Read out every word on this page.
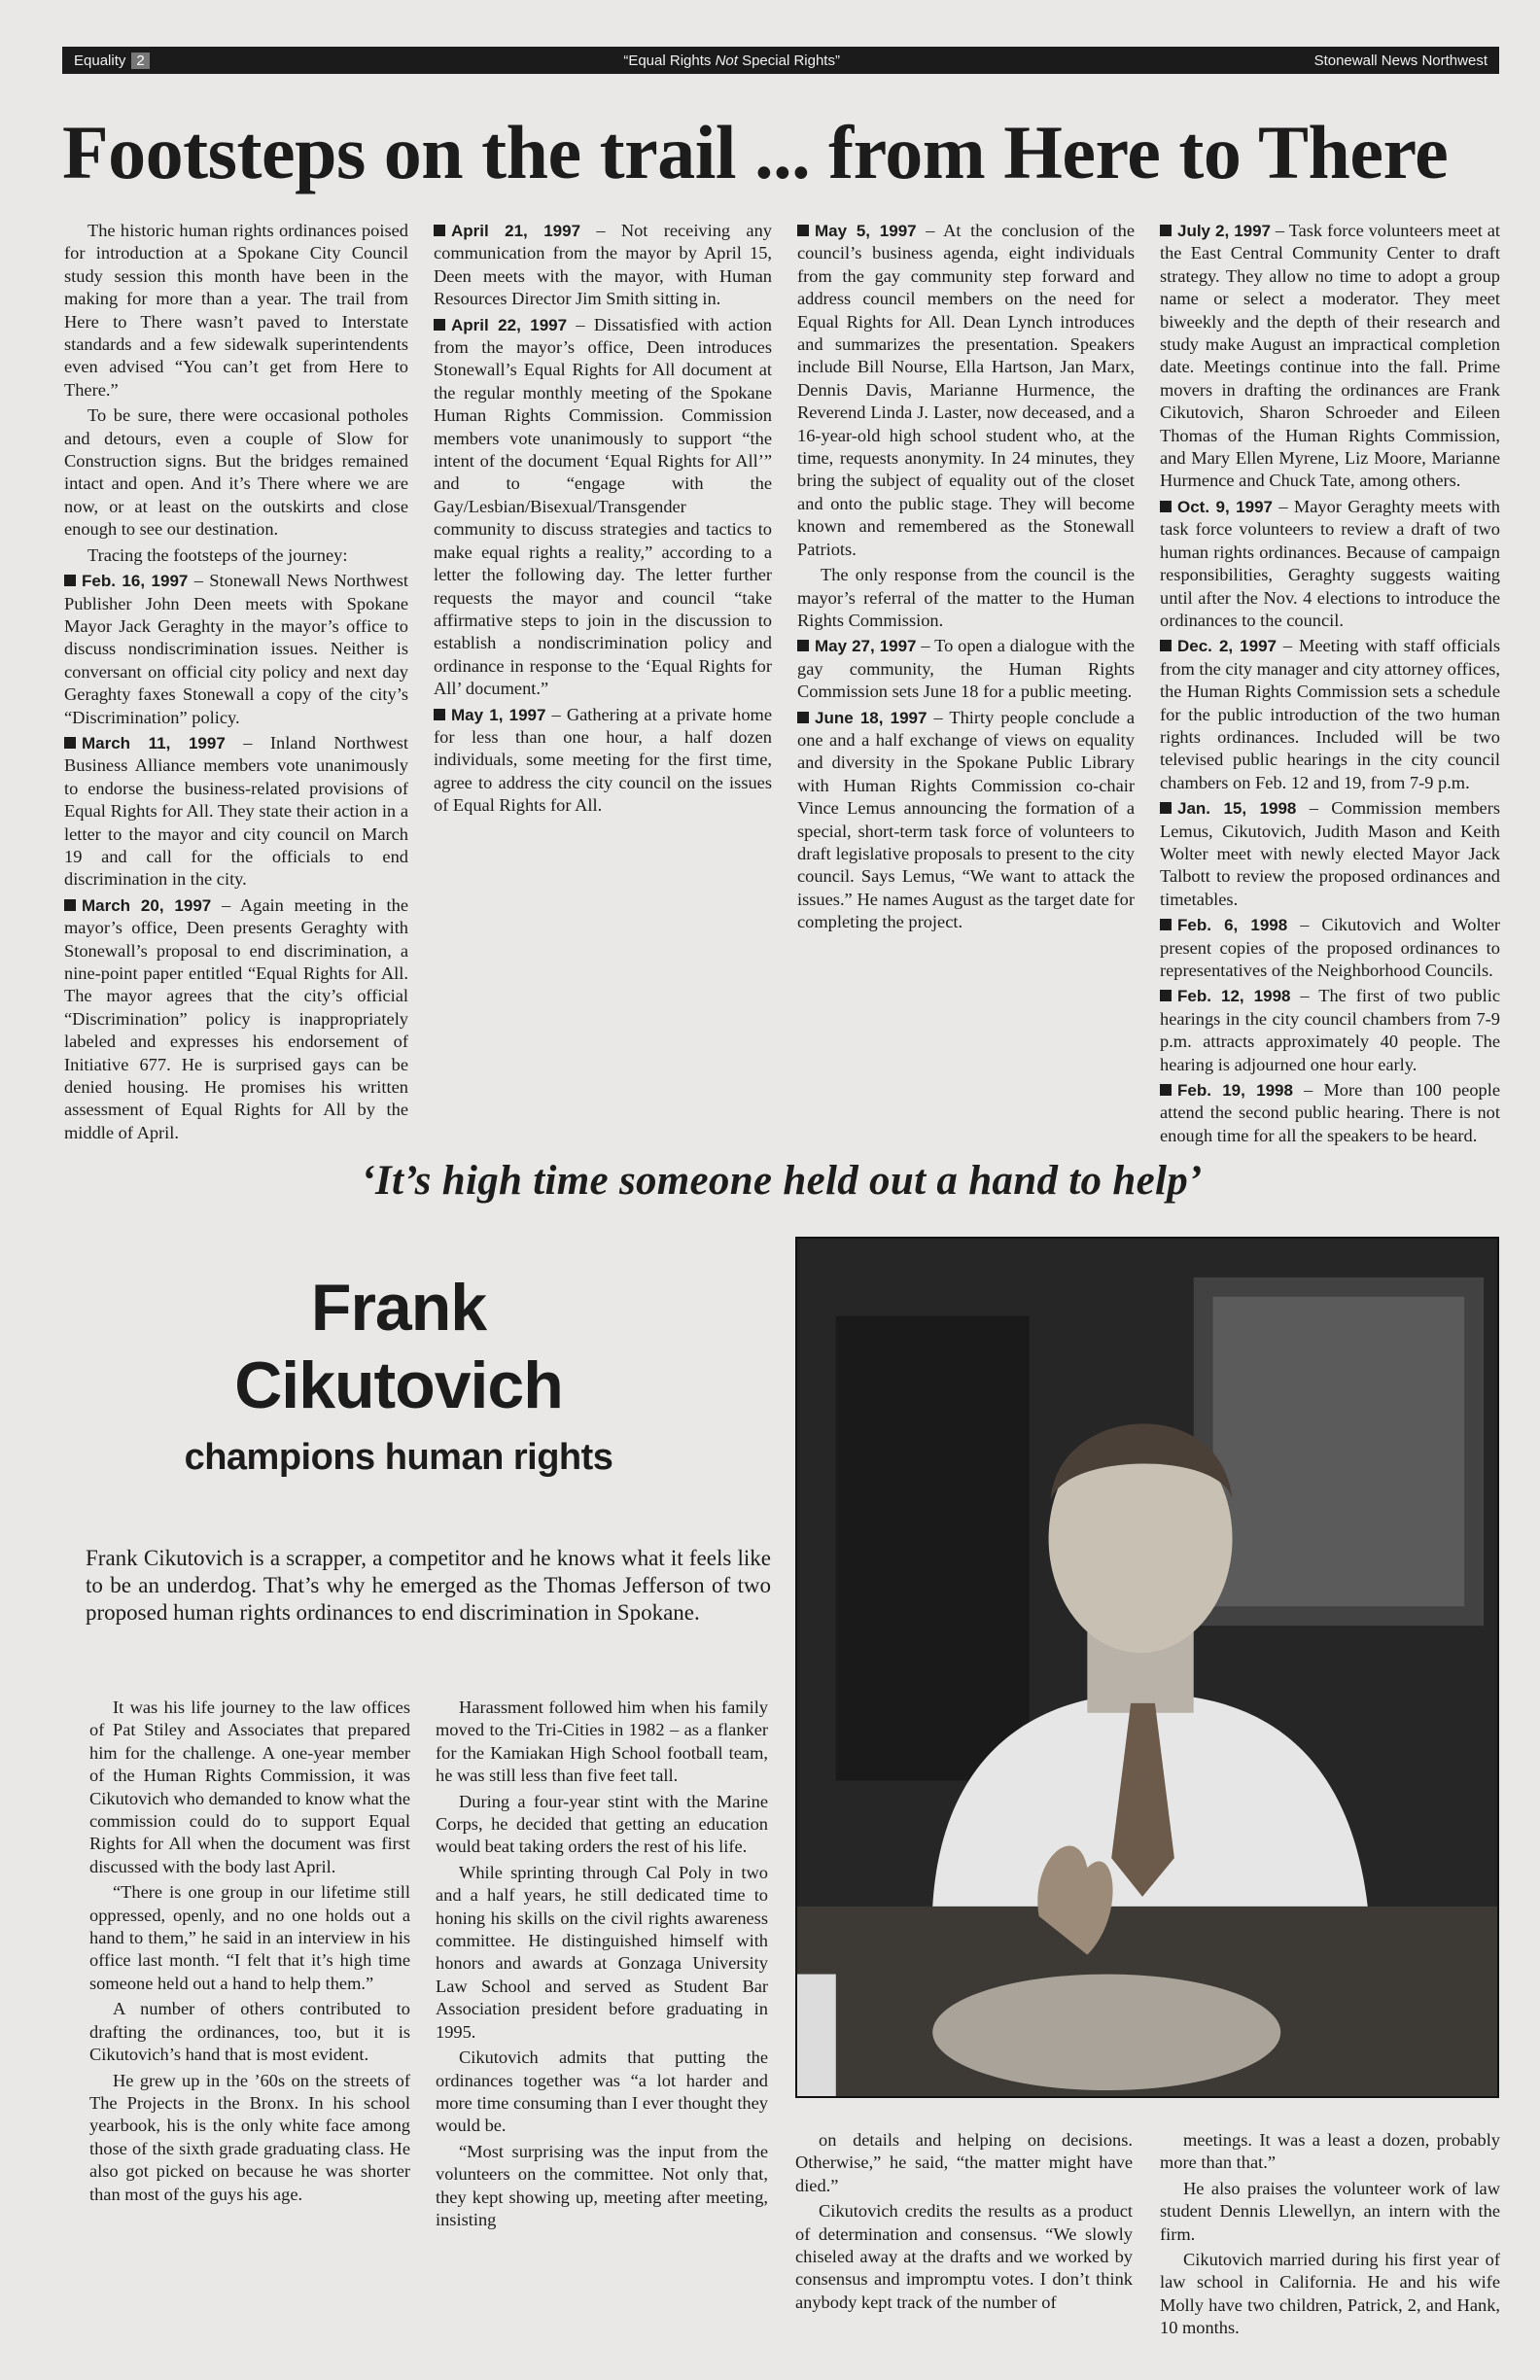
Equality 2	“Equal Rights Not Special Rights”	Stonewall News Northwest
Footsteps on the trail ... from Here to There

The historic human rights ordinances poised for introduction at a Spokane City Council study session this month have been in the making for more than a year. The trail from Here to There wasn’t paved to Interstate standards and a few sidewalk superintendents even advised “You can’t get from Here to There.”

To be sure, there were occasional potholes and detours, even a couple of Slow for Construction signs. But the bridges remained intact and open. And it’s There where we are now, or at least on the outskirts and close enough to see our destination.

Tracing the footsteps of the journey:

Feb. 16, 1997 – Stonewall News Northwest Publisher John Deen meets with Spokane Mayor Jack Geraghty in the mayor’s office to discuss nondiscrimination issues. Neither is conversant on official city policy and next day Geraghty faxes Stonewall a copy of the city’s “Discrimination” policy.

March 11, 1997 – Inland Northwest Business Alliance members vote unanimously to endorse the business-related provisions of Equal Rights for All. They state their action in a letter to the mayor and city council on March 19 and call for the officials to end discrimination in the city.

March 20, 1997 – Again meeting in the mayor’s office, Deen presents Geraghty with Stonewall’s proposal to end discrimination, a nine-point paper entitled “Equal Rights for All. The mayor agrees that the city’s official “Discrimination” policy is inappropriately labeled and expresses his endorsement of Initiative 677. He is surprised gays can be denied housing. He promises his written assessment of Equal Rights for All by the middle of April.

April 21, 1997 – Not receiving any communication from the mayor by April 15, Deen meets with the mayor, with Human Resources Director Jim Smith sitting in.

April 22, 1997 – Dissatisfied with action from the mayor’s office, Deen introduces Stonewall’s Equal Rights for All document at the regular monthly meeting of the Spokane Human Rights Commission. Commission members vote unanimously to support “the intent of the document ‘Equal Rights for All’” and to “engage with the Gay/Lesbian/Bisexual/Transgender community to discuss strategies and tactics to make equal rights a reality,” according to a letter the following day. The letter further requests the mayor and council “take affirmative steps to join in the discussion to establish a nondiscrimination policy and ordinance in response to the ‘Equal Rights for All’ document.”

May 1, 1997 – Gathering at a private home for less than one hour, a half dozen individuals, some meeting for the first time, agree to address the city council on the issues of Equal Rights for All.

May 5, 1997 – At the conclusion of the council’s business agenda, eight individuals from the gay community step forward and address council members on the need for Equal Rights for All. Dean Lynch introduces and summarizes the presentation. Speakers include Bill Nourse, Ella Hartson, Jan Marx, Dennis Davis, Marianne Hurmence, the Reverend Linda J. Laster, now deceased, and a 16-year-old high school student who, at the time, requests anonymity. In 24 minutes, they bring the subject of equality out of the closet and onto the public stage. They will become known and remembered as the Stonewall Patriots.

The only response from the council is the mayor’s referral of the matter to the Human Rights Commission.

May 27, 1997 – To open a dialogue with the gay community, the Human Rights Commission sets June 18 for a public meeting.

June 18, 1997 – Thirty people conclude a one and a half exchange of views on equality and diversity in the Spokane Public Library with Human Rights Commission co-chair Vince Lemus announcing the formation of a special, short-term task force of volunteers to draft legislative proposals to present to the city council. Says Lemus, “We want to attack the issues.” He names August as the target date for completing the project.

July 2, 1997 – Task force volunteers meet at the East Central Community Center to draft strategy. They allow no time to adopt a group name or select a moderator. They meet biweekly and the depth of their research and study make August an impractical completion date. Meetings continue into the fall. Prime movers in drafting the ordinances are Frank Cikutovich, Sharon Schroeder and Eileen Thomas of the Human Rights Commission, and Mary Ellen Myrene, Liz Moore, Marianne Hurmence and Chuck Tate, among others.

Oct. 9, 1997 – Mayor Geraghty meets with task force volunteers to review a draft of two human rights ordinances. Because of campaign responsibilities, Geraghty suggests waiting until after the Nov. 4 elections to introduce the ordinances to the council.

Dec. 2, 1997 – Meeting with staff officials from the city manager and city attorney offices, the Human Rights Commission sets a schedule for the public introduction of the two human rights ordinances. Included will be two televised public hearings in the city council chambers on Feb. 12 and 19, from 7-9 p.m.

Jan. 15, 1998 – Commission members Lemus, Cikutovich, Judith Mason and Keith Wolter meet with newly elected Mayor Jack Talbott to review the proposed ordinances and timetables.

Feb. 6, 1998 – Cikutovich and Wolter present copies of the proposed ordinances to representatives of the Neighborhood Councils.

Feb. 12, 1998 – The first of two public hearings in the city council chambers from 7-9 p.m. attracts approximately 40 people. The hearing is adjourned one hour early.

Feb. 19, 1998 – More than 100 people attend the second public hearing. There is not enough time for all the speakers to be heard.

‘It’s high time someone held out a hand to help’
Frank
Cikutovich
champions human rights
Frank Cikutovich is a scrapper, a competitor and he knows what it feels like to be an underdog. That’s why he emerged as the Thomas Jefferson of two proposed human rights ordinances to end discrimination in Spokane.

It was his life journey to the law offices of Pat Stiley and Associates that prepared him for the challenge. A one-year member of the Human Rights Commission, it was Cikutovich who demanded to know what the commission could do to support Equal Rights for All when the document was first discussed with the body last April.

“There is one group in our lifetime still oppressed, openly, and no one holds out a hand to them,” he said in an interview in his office last month. “I felt that it’s high time someone held out a hand to help them.”

A number of others contributed to drafting the ordinances, too, but it is Cikutovich’s hand that is most evident.

He grew up in the ’60s on the streets of The Projects in the Bronx. In his school yearbook, his is the only white face among those of the sixth grade graduating class. He also got picked on because he was shorter than most of the guys his age.

Harassment followed him when his family moved to the Tri-Cities in 1982 – as a flanker for the Kamiakan High School football team, he was still less than five feet tall.

During a four-year stint with the Marine Corps, he decided that getting an education would beat taking orders the rest of his life.

While sprinting through Cal Poly in two and a half years, he still dedicated time to honing his skills on the civil rights awareness committee. He distinguished himself with honors and awards at Gonzaga University Law School and served as Student Bar Association president before graduating in 1995.

Cikutovich admits that putting the ordinances together was “a lot harder and more time consuming than I ever thought they would be.

“Most surprising was the input from the volunteers on the committee. Not only that, they kept showing up, meeting after meeting, insisting

on details and helping on decisions. Otherwise,” he said, “the matter might have died.”

Cikutovich credits the results as a product of determination and consensus. “We slowly chiseled away at the drafts and we worked by consensus and impromptu votes. I don’t think anybody kept track of the number of

meetings. It was a least a dozen, probably more than that.”

He also praises the volunteer work of law student Dennis Llewellyn, an intern with the firm.

Cikutovich married during his first year of law school in California. He and his wife Molly have two children, Patrick, 2, and Hank, 10 months.
